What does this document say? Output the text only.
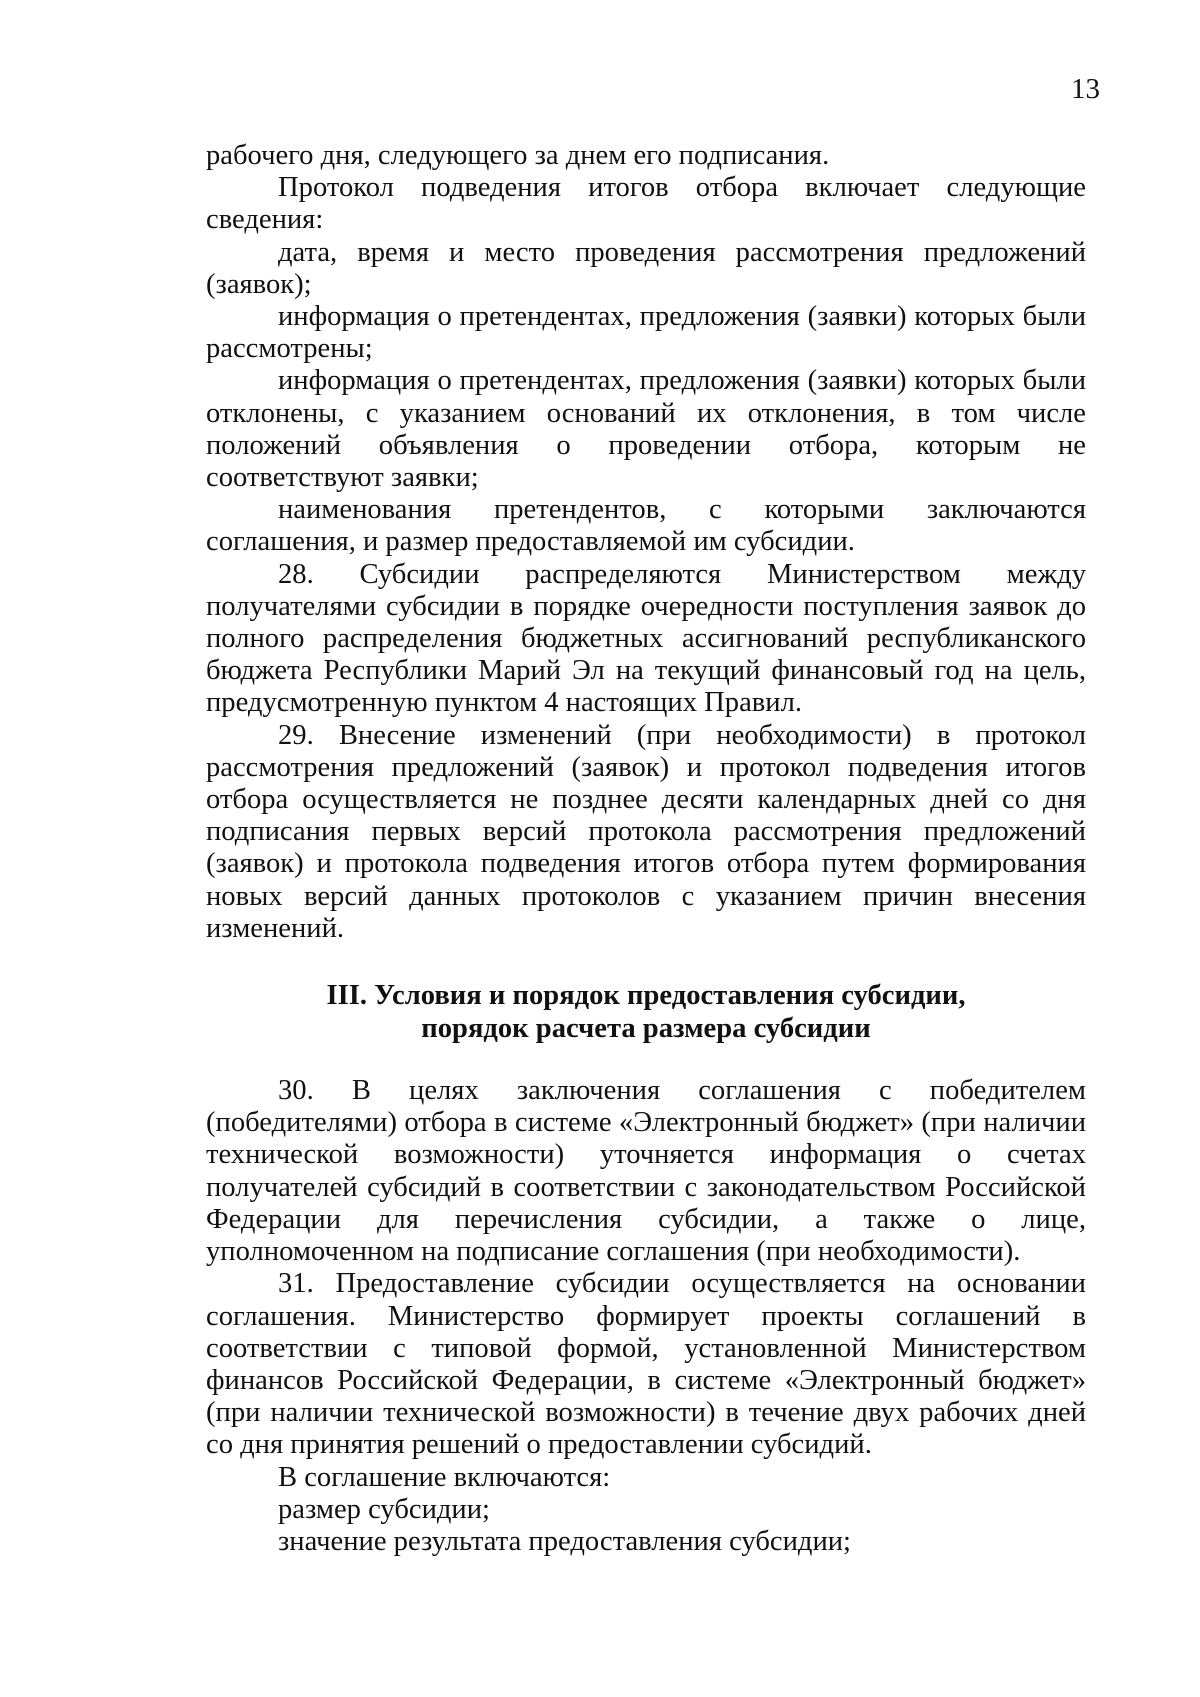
13

рабочего дня, следующего за днем его подписания.

Протокол подведения итогов отбора включает следующие сведения:

дата, время и место проведения рассмотрения предложений (заявок);

информация о претендентах, предложения (заявки) которых были рассмотрены;

информация о претендентах, предложения (заявки) которых были отклонены, с указанием оснований их отклонения, в том числе положений объявления о проведении отбора, которым не соответствуют заявки;

наименования претендентов, с которыми заключаются соглашения, и размер предоставляемой им субсидии.

28. Субсидии распределяются Министерством между получателями субсидии в порядке очередности поступления заявок до полного распределения бюджетных ассигнований республиканского бюджета Республики Марий Эл на текущий финансовый год на цель, предусмотренную пунктом 4 настоящих Правил.

29. Внесение изменений (при необходимости) в протокол рассмотрения предложений (заявок) и протокол подведения итогов отбора осуществляется не позднее десяти календарных дней со дня подписания первых версий протокола рассмотрения предложений (заявок) и протокола подведения итогов отбора путем формирования новых версий данных протоколов с указанием причин внесения изменений.

III. Условия и порядок предоставления субсидии,
порядок расчета размера субсидии

30. В целях заключения соглашения с победителем (победителями) отбора в системе «Электронный бюджет» (при наличии технической возможности) уточняется информация о счетах получателей субсидий в соответствии с законодательством Российской Федерации для перечисления субсидии, а также о лице, уполномоченном на подписание соглашения (при необходимости).

31. Предоставление субсидии осуществляется на основании соглашения. Министерство формирует проекты соглашений в соответствии с типовой формой, установленной Министерством финансов Российской Федерации, в системе «Электронный бюджет» (при наличии технической возможности) в течение двух рабочих дней со дня принятия решений о предоставлении субсидий.

В соглашение включаются:

размер субсидии;

значение результата предоставления субсидии;
